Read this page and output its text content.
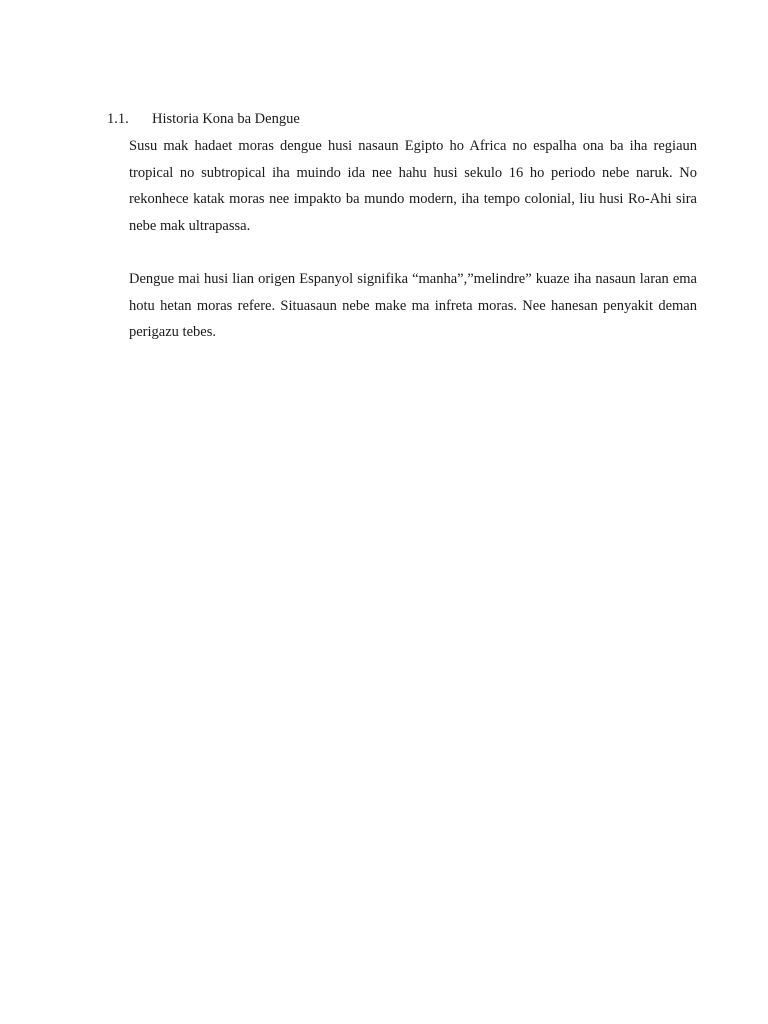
1.1. Historia Kona ba Dengue

Susu mak hadaet moras dengue husi nasaun Egipto ho Africa no espalha ona ba iha regiaun tropical no subtropical iha muindo ida nee hahu husi sekulo 16 ho periodo nebe naruk. No rekonhece katak moras nee impakto ba mundo modern, iha tempo colonial, liu husi Ro-Ahi sira nebe mak ultrapassa.

Dengue mai husi lian origen Espanyol signifika “manha”,”melindre” kuaze iha nasaun laran ema hotu hetan moras refere. Situasaun nebe make ma infreta moras. Nee hanesan penyakit deman perigazu tebes.
